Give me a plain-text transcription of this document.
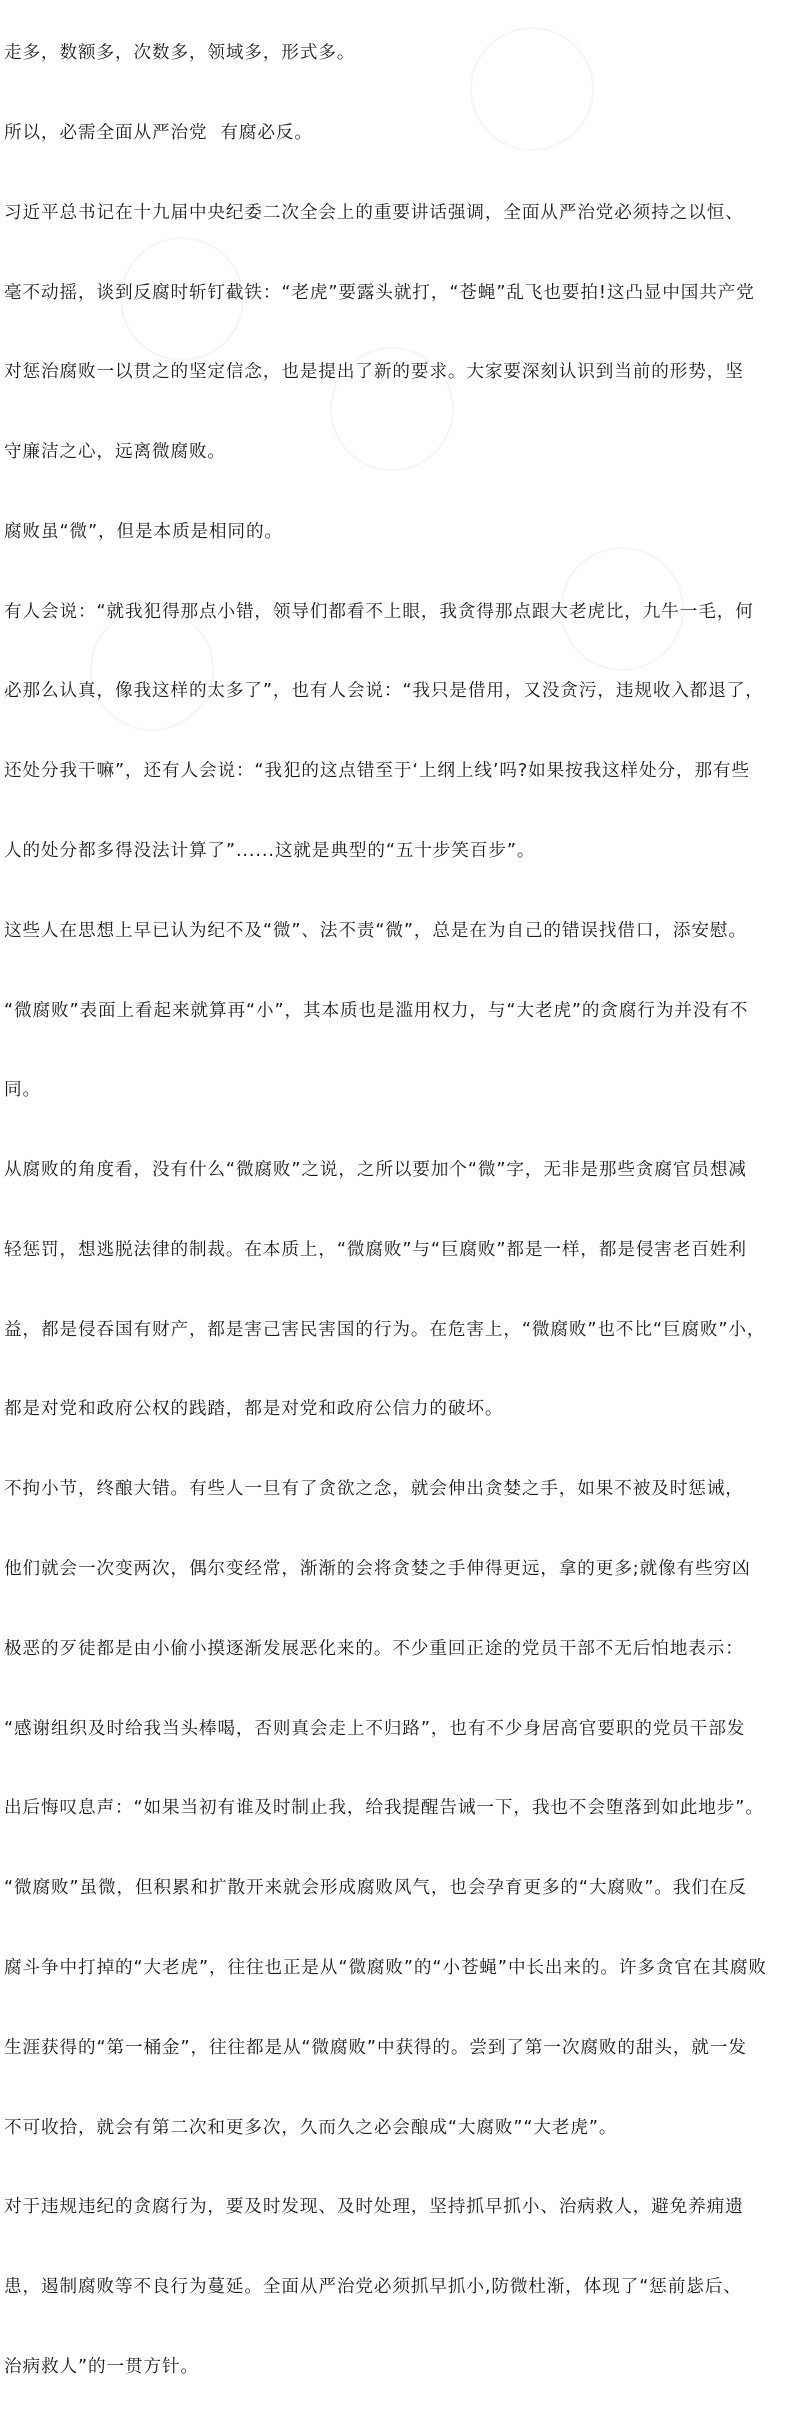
走多，数额多，次数多，领域多，形式多。

所以，必需全面从严治党  有腐必反。

习近平总书记在十九届中央纪委二次全会上的重要讲话强调，全面从严治党必须持之以恒、

毫不动摇，谈到反腐时斩钉截铁：“老虎”要露头就打，“苍蝇”乱飞也要拍!这凸显中国共产党

对惩治腐败一以贯之的坚定信念，也是提出了新的要求。大家要深刻认识到当前的形势，坚

守廉洁之心，远离微腐败。

腐败虽“微”，但是本质是相同的。

有人会说：“就我犯得那点小错，领导们都看不上眼，我贪得那点跟大老虎比，九牛一毛，何

必那么认真，像我这样的太多了”，也有人会说：“我只是借用，又没贪污，违规收入都退了，

还处分我干嘛”，还有人会说：“我犯的这点错至于‘上纲上线’吗?如果按我这样处分，那有些

人的处分都多得没法计算了”......这就是典型的“五十步笑百步”。

这些人在思想上早已认为纪不及“微”、法不责“微”，总是在为自己的错误找借口，添安慰。

“微腐败”表面上看起来就算再“小”，其本质也是滥用权力，与“大老虎”的贪腐行为并没有不

同。

从腐败的角度看，没有什么“微腐败”之说，之所以要加个“微”字，无非是那些贪腐官员想减

轻惩罚，想逃脱法律的制裁。在本质上，“微腐败”与“巨腐败”都是一样，都是侵害老百姓利

益，都是侵吞国有财产，都是害己害民害国的行为。在危害上，“微腐败”也不比“巨腐败”小，

都是对党和政府公权的践踏，都是对党和政府公信力的破坏。

不拘小节，终酿大错。有些人一旦有了贪欲之念，就会伸出贪婪之手，如果不被及时惩诫，

他们就会一次变两次，偶尔变经常，渐渐的会将贪婪之手伸得更远，拿的更多;就像有些穷凶

极恶的歹徒都是由小偷小摸逐渐发展恶化来的。不少重回正途的党员干部不无后怕地表示：

“感谢组织及时给我当头棒喝，否则真会走上不归路”，也有不少身居高官要职的党员干部发

出后悔叹息声：“如果当初有谁及时制止我，给我提醒告诫一下，我也不会堕落到如此地步”。

“微腐败”虽微，但积累和扩散开来就会形成腐败风气，也会孕育更多的“大腐败”。我们在反

腐斗争中打掉的“大老虎”，往往也正是从“微腐败”的“小苍蝇”中长出来的。许多贪官在其腐败

生涯获得的“第一桶金”，往往都是从“微腐败”中获得的。尝到了第一次腐败的甜头，就一发

不可收拾，就会有第二次和更多次，久而久之必会酿成“大腐败”“大老虎”。

对于违规违纪的贪腐行为，要及时发现、及时处理，坚持抓早抓小、治病救人，避免养痈遗

患，遏制腐败等不良行为蔓延。全面从严治党必须抓早抓小,防微杜渐，体现了“惩前毖后、

治病救人”的一贯方针。
